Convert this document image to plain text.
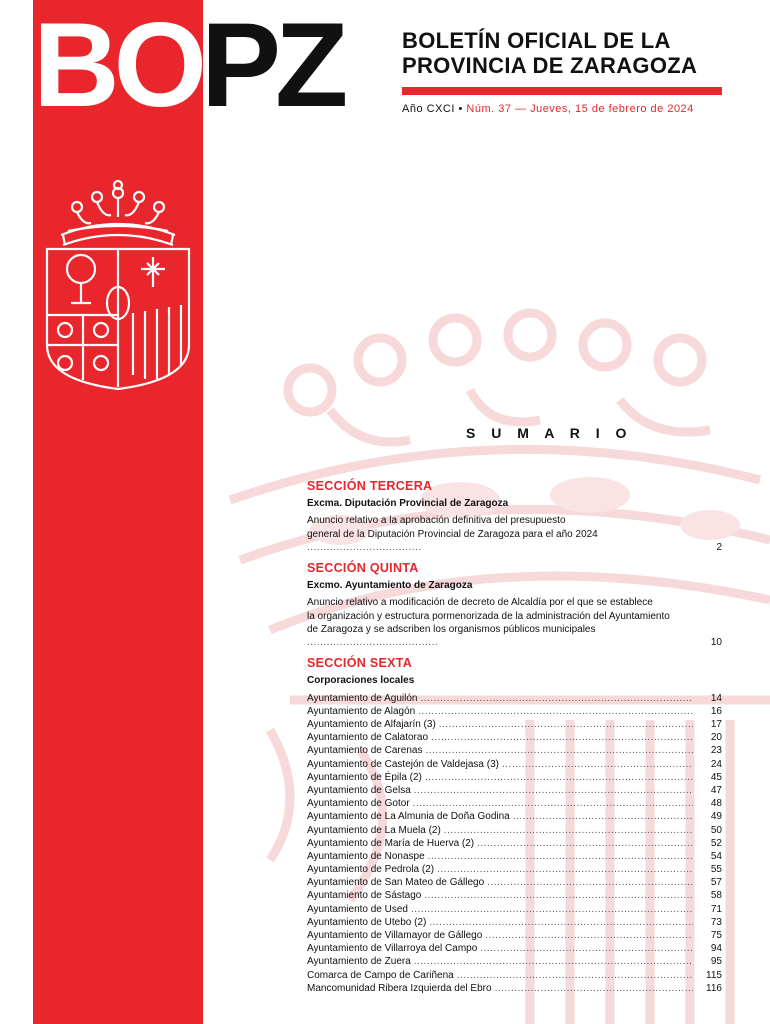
BOPZ	BOLETÍN OFICIAL DE LA
PROVINCIA DE ZARAGOZA
Año CXCI • Núm. 37 — Jueves, 15 de febrero de 2024
S U M A R I O
SECCIÓN TERCERA
Excma. Diputación Provincial de Zaragoza
Anuncio relativo a la aprobación definitiva del presupuesto
general de la Diputación Provincial de Zaragoza para el año 2024 ...................................	2
SECCIÓN QUINTA
Excmo. Ayuntamiento de Zaragoza
Anuncio relativo a modificación de decreto de Alcaldía por el que se establece
la organización y estructura pormenorizada de la administración del Ayuntamiento
de Zaragoza y se adscriben los organismos públicos municipales ........................................	10
SECCIÓN SEXTA
Corporaciones locales
Ayuntamiento de Aguilón .....	14
Ayuntamiento de Alagón .....	16
Ayuntamiento de Alfajarín (3) .....	17
Ayuntamiento de Calatorao .....	20
Ayuntamiento de Carenas .....	23
Ayuntamiento de Castejón de Valdejasa (3) .....	24
Ayuntamiento de Épila (2) .....	45
Ayuntamiento de Gelsa .....	47
Ayuntamiento de Gotor .....	48
Ayuntamiento de La Almunia de Doña Godina .....	49
Ayuntamiento de La Muela (2) .....	50
Ayuntamiento de María de Huerva (2) .....	52
Ayuntamiento de Nonaspe .....	54
Ayuntamiento de Pedrola (2) .....	55
Ayuntamiento de San Mateo de Gállego .....	57
Ayuntamiento de Sástago .....	58
Ayuntamiento de Used .....	71
Ayuntamiento de Utebo (2) .....	73
Ayuntamiento de Villamayor de Gállego .....	75
Ayuntamiento de Villarroya del Campo .....	94
Ayuntamiento de Zuera .....	95
Comarca de Campo de Cariñena .....	115
Mancomunidad Ribera Izquierda del Ebro .....	116
